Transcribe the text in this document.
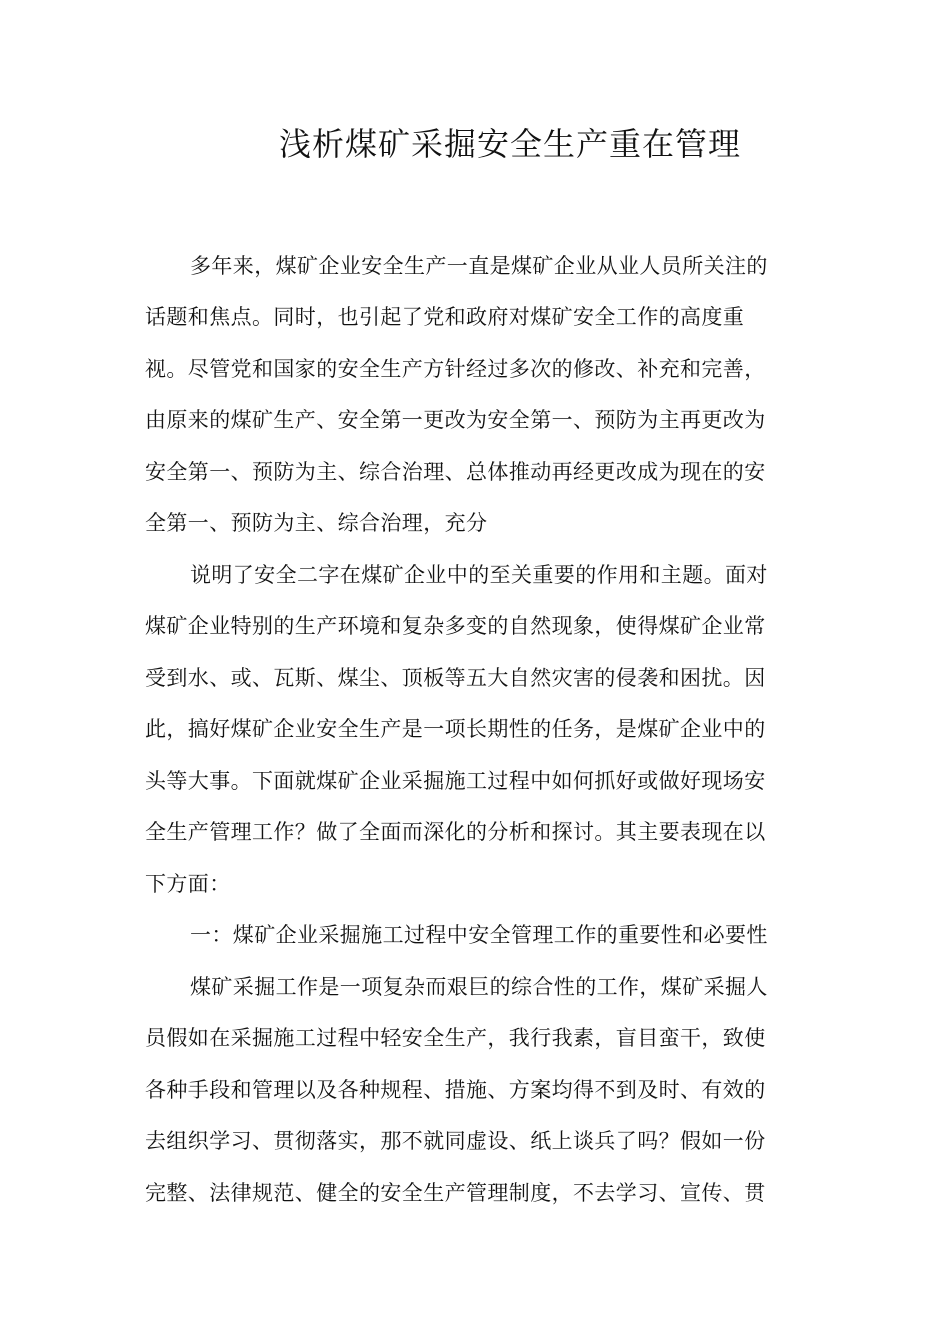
浅析煤矿采掘安全生产重在管理
多年来，煤矿企业安全生产一直是煤矿企业从业人员所关注的
话题和焦点。同时，也引起了党和政府对煤矿安全工作的高度重
视。尽管党和国家的安全生产方针经过多次的修改、补充和完善，
由原来的煤矿生产、安全第一更改为安全第一、预防为主再更改为
安全第一、预防为主、综合治理、总体推动再经更改成为现在的安
全第一、预防为主、综合治理，充分
说明了安全二字在煤矿企业中的至关重要的作用和主题。面对
煤矿企业特别的生产环境和复杂多变的自然现象，使得煤矿企业常
受到水、或、瓦斯、煤尘、顶板等五大自然灾害的侵袭和困扰。因
此，搞好煤矿企业安全生产是一项长期性的任务，是煤矿企业中的
头等大事。下面就煤矿企业采掘施工过程中如何抓好或做好现场安
全生产管理工作？做了全面而深化的分析和探讨。其主要表现在以
下方面：
一：煤矿企业采掘施工过程中安全管理工作的重要性和必要性
煤矿采掘工作是一项复杂而艰巨的综合性的工作，煤矿采掘人
员假如在采掘施工过程中轻安全生产，我行我素，盲目蛮干，致使
各种手段和管理以及各种规程、措施、方案均得不到及时、有效的
去组织学习、贯彻落实，那不就同虚设、纸上谈兵了吗？假如一份
完整、法律规范、健全的安全生产管理制度，不去学习、宣传、贯
